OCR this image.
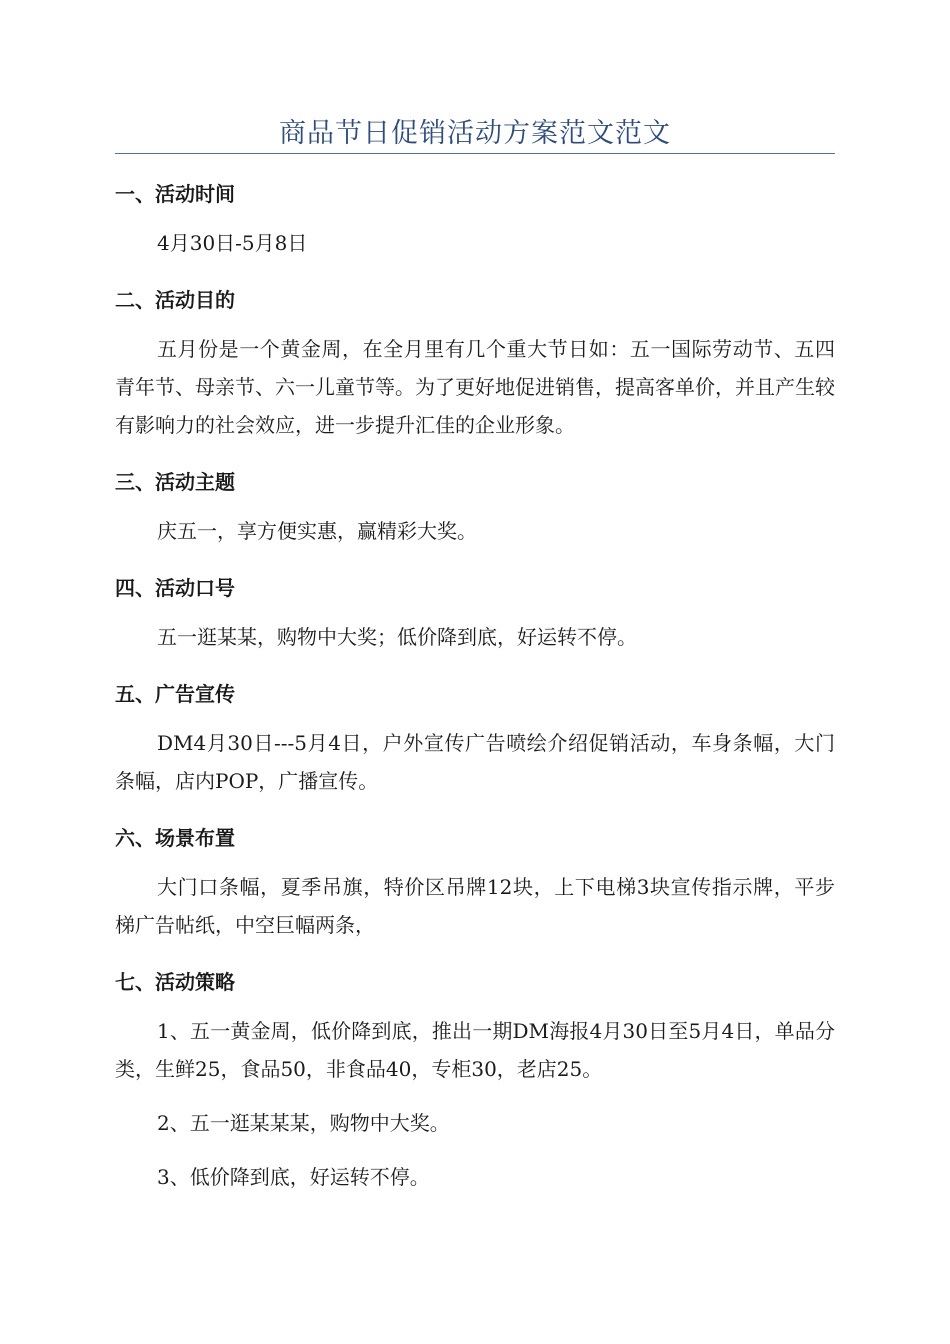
商品节日促销活动方案范文范文

一、活动时间

4月30日-5月8日

二、活动目的

五月份是一个黄金周，在全月里有几个重大节日如：五一国际劳动节、五四青年节、母亲节、六一儿童节等。为了更好地促进销售，提高客单价，并且产生较有影响力的社会效应，进一步提升汇佳的企业形象。

三、活动主题

庆五一，享方便实惠，赢精彩大奖。

四、活动口号

五一逛某某，购物中大奖；低价降到底，好运转不停。

五、广告宣传

DM4月30日---5月4日，户外宣传广告喷绘介绍促销活动，车身条幅，大门条幅，店内POP，广播宣传。

六、场景布置

大门口条幅，夏季吊旗，特价区吊牌12块，上下电梯3块宣传指示牌，平步梯广告帖纸，中空巨幅两条，

七、活动策略

1、五一黄金周，低价降到底，推出一期DM海报4月30日至5月4日，单品分类，生鲜25，食品50，非食品40，专柜30，老店25。

2、五一逛某某某，购物中大奖。

3、低价降到底，好运转不停。
